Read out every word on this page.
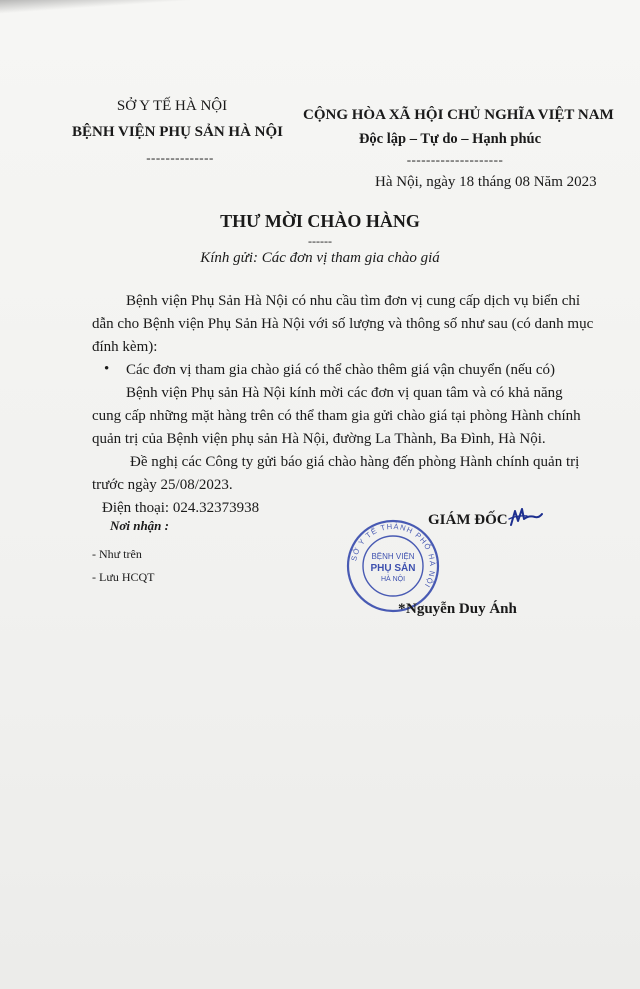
SỞ Y TẾ HÀ NỘI
BỆNH VIỆN PHỤ SẢN HÀ NỘI
--------------
CỘNG HÒA XÃ HỘI CHỦ NGHĨA VIỆT NAM
Độc lập – Tự do – Hạnh phúc
--------------------
Hà Nội, ngày 18 tháng 08 Năm 2023
THƯ MỜI CHÀO HÀNG
------
Kính gửi: Các đơn vị tham gia chào giá
Bệnh viện Phụ Sản Hà Nội có nhu cầu tìm đơn vị cung cấp dịch vụ biển chỉ
dẫn cho Bệnh viện Phụ Sản Hà Nội với số lượng và thông số như sau (có danh mục
đính kèm):
• Các đơn vị tham gia chào giá có thể chào thêm giá vận chuyển (nếu có)
Bệnh viện Phụ sản Hà Nội kính mời các đơn vị quan tâm và có khả năng
cung cấp những mặt hàng trên có thể tham gia gửi chào giá tại phòng Hành chính
quản trị của Bệnh viện phụ sản Hà Nội, đường La Thành, Ba Đình, Hà Nội.
Đề nghị các Công ty gửi báo giá chào hàng đến phòng Hành chính quản trị
trước ngày 25/08/2023.
Điện thoại: 024.32373938
Nơi nhận :
- Như trên
- Lưu HCQT
GIÁM ĐỐC
SỞ Y TẾ THÀNH PHỐ HÀ NỘI
BỆNH VIỆN
PHỤ SẢN
HÀ NỘI
* Nguyễn Duy Ánh
